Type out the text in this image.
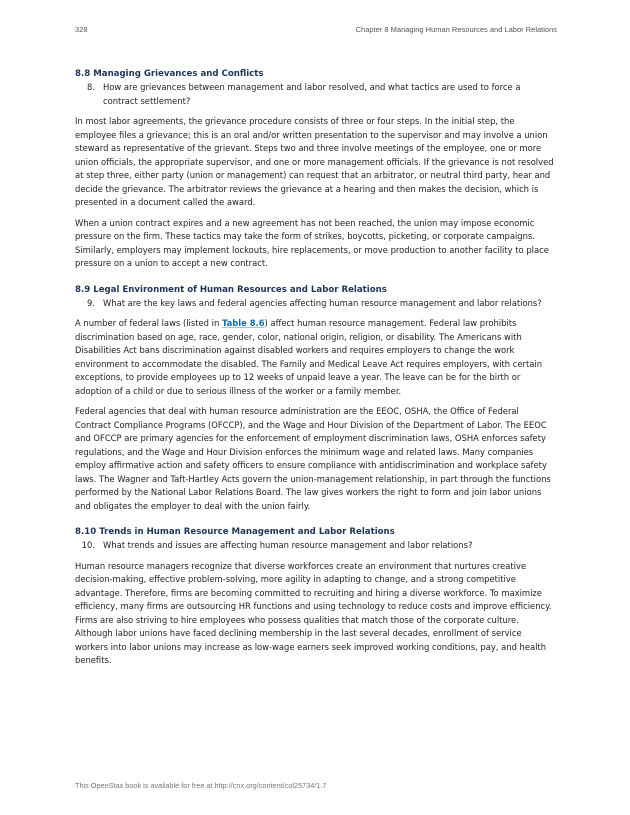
328	Chapter 8 Managing Human Resources and Labor Relations
8.8 Managing Grievances and Conflicts
8. How are grievances between management and labor resolved, and what tactics are used to force a contract settlement?

In most labor agreements, the grievance procedure consists of three or four steps. In the initial step, the employee files a grievance; this is an oral and/or written presentation to the supervisor and may involve a union steward as representative of the grievant. Steps two and three involve meetings of the employee, one or more union officials, the appropriate supervisor, and one or more management officials. If the grievance is not resolved at step three, either party (union or management) can request that an arbitrator, or neutral third party, hear and decide the grievance. The arbitrator reviews the grievance at a hearing and then makes the decision, which is presented in a document called the award.

When a union contract expires and a new agreement has not been reached, the union may impose economic pressure on the firm. These tactics may take the form of strikes, boycotts, picketing, or corporate campaigns. Similarly, employers may implement lockouts, hire replacements, or move production to another facility to place pressure on a union to accept a new contract.

8.9 Legal Environment of Human Resources and Labor Relations
9. What are the key laws and federal agencies affecting human resource management and labor relations?

A number of federal laws (listed in Table 8.6) affect human resource management. Federal law prohibits discrimination based on age, race, gender, color, national origin, religion, or disability. The Americans with Disabilities Act bans discrimination against disabled workers and requires employers to change the work environment to accommodate the disabled. The Family and Medical Leave Act requires employers, with certain exceptions, to provide employees up to 12 weeks of unpaid leave a year. The leave can be for the birth or adoption of a child or due to serious illness of the worker or a family member.

Federal agencies that deal with human resource administration are the EEOC, OSHA, the Office of Federal Contract Compliance Programs (OFCCP), and the Wage and Hour Division of the Department of Labor. The EEOC and OFCCP are primary agencies for the enforcement of employment discrimination laws, OSHA enforces safety regulations, and the Wage and Hour Division enforces the minimum wage and related laws. Many companies employ affirmative action and safety officers to ensure compliance with antidiscrimination and workplace safety laws. The Wagner and Taft-Hartley Acts govern the union-management relationship, in part through the functions performed by the National Labor Relations Board. The law gives workers the right to form and join labor unions and obligates the employer to deal with the union fairly.

8.10 Trends in Human Resource Management and Labor Relations
10. What trends and issues are affecting human resource management and labor relations?

Human resource managers recognize that diverse workforces create an environment that nurtures creative decision-making, effective problem-solving, more agility in adapting to change, and a strong competitive advantage. Therefore, firms are becoming committed to recruiting and hiring a diverse workforce. To maximize efficiency, many firms are outsourcing HR functions and using technology to reduce costs and improve efficiency. Firms are also striving to hire employees who possess qualities that match those of the corporate culture. Although labor unions have faced declining membership in the last several decades, enrollment of service workers into labor unions may increase as low-wage earners seek improved working conditions, pay, and health benefits.

This OpenStax book is available for free at http://cnx.org/content/col25734/1.7
